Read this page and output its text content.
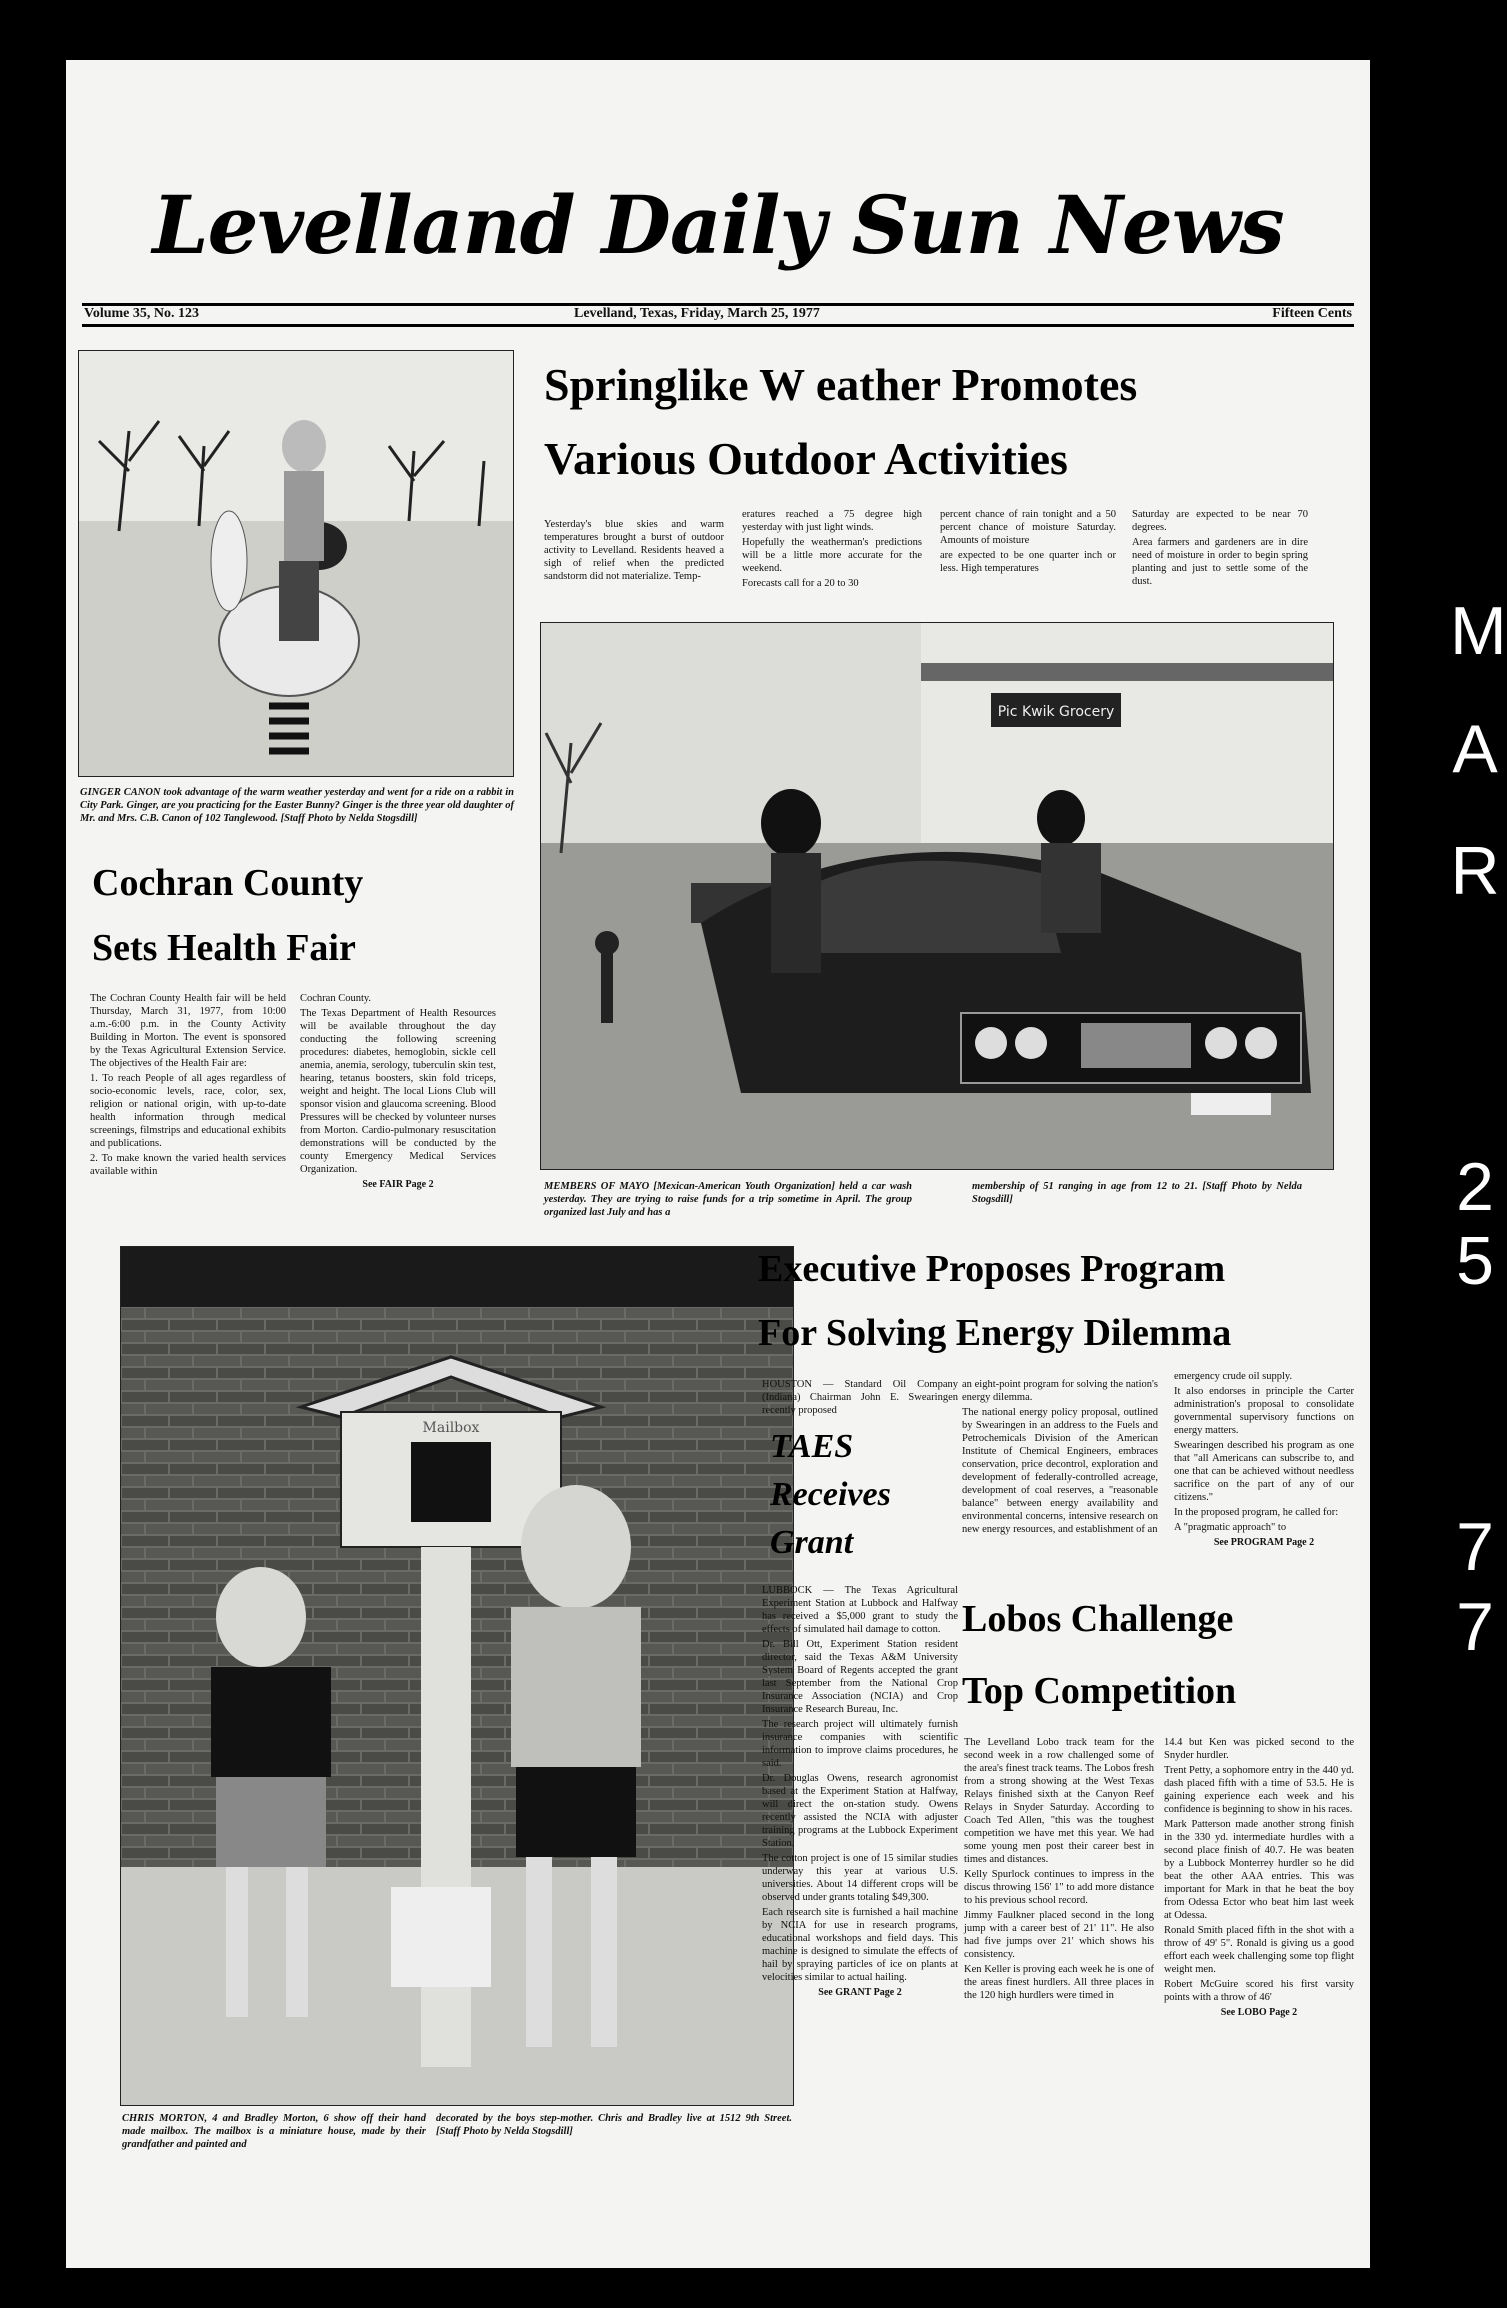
Levelland Daily Sun News
Volume 35, No. 123	Levelland, Texas, Friday, March 25, 1977	Fifteen Cents
GINGER CANON took advantage of the warm weather yesterday and went for a ride on a rabbit in City Park. Ginger, are you practicing for the Easter Bunny? Ginger is the three year old daughter of Mr. and Mrs. C.B. Canon of 102 Tanglewood. [Staff Photo by Nelda Stogsdill]
Springlike W eather Promotes
Various Outdoor Activities

Yesterday's blue skies and warm temperatures brought a burst of outdoor activity to Levelland. Residents heaved a sigh of relief when the predicted sandstorm did not materialize. Temp-

eratures reached a 75 degree high yesterday with just light winds.

Hopefully the weatherman's predictions will be a little more accurate for the weekend.

Forecasts call for a 20 to 30

percent chance of rain tonight and a 50 percent chance of moisture Saturday. Amounts of moisture

are expected to be one quarter inch or less. High temperatures

Saturday are expected to be near 70 degrees.

Area farmers and gardeners are in dire need of moisture in order to begin spring planting and just to settle some of the dust.

Pic Kwik Grocery
MEMBERS OF MAYO [Mexican-American Youth Organization] held a car wash yesterday. They are trying to raise funds for a trip sometime in April. The group organized last July and has a
membership of 51 ranging in age from 12 to 21. [Staff Photo by Nelda Stogsdill]
Cochran County
Sets Health Fair

The Cochran County Health fair will be held Thursday, March 31, 1977, from 10:00 a.m.-6:00 p.m. in the County Activity Building in Morton. The event is sponsored by the Texas Agricultural Extension Service. The objectives of the Health Fair are:

1. To reach People of all ages regardless of socio-economic levels, race, color, sex, religion or national origin, with up-to-date health information through medical screenings, filmstrips and educational exhibits and publications.

2. To make known the varied health services available within

Cochran County.

The Texas Department of Health Resources will be available throughout the day conducting the following screening procedures: diabetes, hemoglobin, sickle cell anemia, anemia, serology, tuberculin skin test, hearing, tetanus boosters, skin fold triceps, weight and height. The local Lions Club will sponsor vision and glaucoma screening. Blood Pressures will be checked by volunteer nurses from Morton. Cardio-pulmonary resuscitation demonstrations will be conducted by the county Emergency Medical Services Organization.

See FAIR Page 2

Mailbox
CHRIS MORTON, 4 and Bradley Morton, 6 show off their hand made mailbox. The mailbox is a miniature house, made by their grandfather and painted and
decorated by the boys step-mother. Chris and Bradley live at 1512 9th Street. [Staff Photo by Nelda Stogsdill]
Executive Proposes Program
For Solving Energy Dilemma

HOUSTON — Standard Oil Company (Indiana) Chairman John E. Swearingen recently proposed

an eight-point program for solving the nation's energy dilemma.

The national energy policy proposal, outlined by Swearingen in an address to the Fuels and Petrochemicals Division of the American Institute of Chemical Engineers, embraces conservation, price decontrol, exploration and development of federally-controlled acreage, development of coal reserves, a "reasonable balance" between energy availability and environmental concerns, intensive research on new energy resources, and establishment of an

emergency crude oil supply.

It also endorses in principle the Carter administration's proposal to consolidate governmental supervisory functions on energy matters.

Swearingen described his program as one that "all Americans can subscribe to, and one that can be achieved without needless sacrifice on the part of any of our citizens."

In the proposed program, he called for:

A "pragmatic approach" to

See PROGRAM Page 2

TAES
Receives
Grant

LUBBOCK — The Texas Agricultural Experiment Station at Lubbock and Halfway has received a $5,000 grant to study the effects of simulated hail damage to cotton.

Dr. Bill Ott, Experiment Station resident director, said the Texas A&M University System Board of Regents accepted the grant last September from the National Crop Insurance Association (NCIA) and Crop Insurance Research Bureau, Inc.

The research project will ultimately furnish insurance companies with scientific information to improve claims procedures, he said.

Dr. Douglas Owens, research agronomist based at the Experiment Station at Halfway, will direct the on-station study. Owens recently assisted the NCIA with adjuster training programs at the Lubbock Experiment Station.

The cotton project is one of 15 similar studies underway this year at various U.S. universities. About 14 different crops will be observed under grants totaling $49,300.

Each research site is furnished a hail machine by NCIA for use in research programs, educational workshops and field days. This machine is designed to simulate the effects of hail by spraying particles of ice on plants at velocities similar to actual hailing.

See GRANT Page 2

Lobos Challenge
Top Competition

The Levelland Lobo track team for the second week in a row challenged some of the area's finest track teams. The Lobos fresh from a strong showing at the West Texas Relays finished sixth at the Canyon Reef Relays in Snyder Saturday. According to Coach Ted Allen, "this was the toughest competition we have met this year. We had some young men post their career best in times and distances.

Kelly Spurlock continues to impress in the discus throwing 156' 1" to add more distance to his previous school record.

Jimmy Faulkner placed second in the long jump with a career best of 21' 11". He also had five jumps over 21' which shows his consistency.

Ken Keller is proving each week he is one of the areas finest hurdlers. All three places in the 120 high hurdlers were timed in

14.4 but Ken was picked second to the Snyder hurdler.

Trent Petty, a sophomore entry in the 440 yd. dash placed fifth with a time of 53.5. He is gaining experience each week and his confidence is beginning to show in his races.

Mark Patterson made another strong finish in the 330 yd. intermediate hurdles with a second place finish of 40.7. He was beaten by a Lubbock Monterrey hurdler so he did beat the other AAA entries. This was important for Mark in that he beat the boy from Odessa Ector who beat him last week at Odessa.

Ronald Smith placed fifth in the shot with a throw of 49' 5". Ronald is giving us a good effort each week challenging some top flight weight men.

Robert McGuire scored his first varsity points with a throw of 46'

See LOBO Page 2

M
A
R
2
5
7
7
